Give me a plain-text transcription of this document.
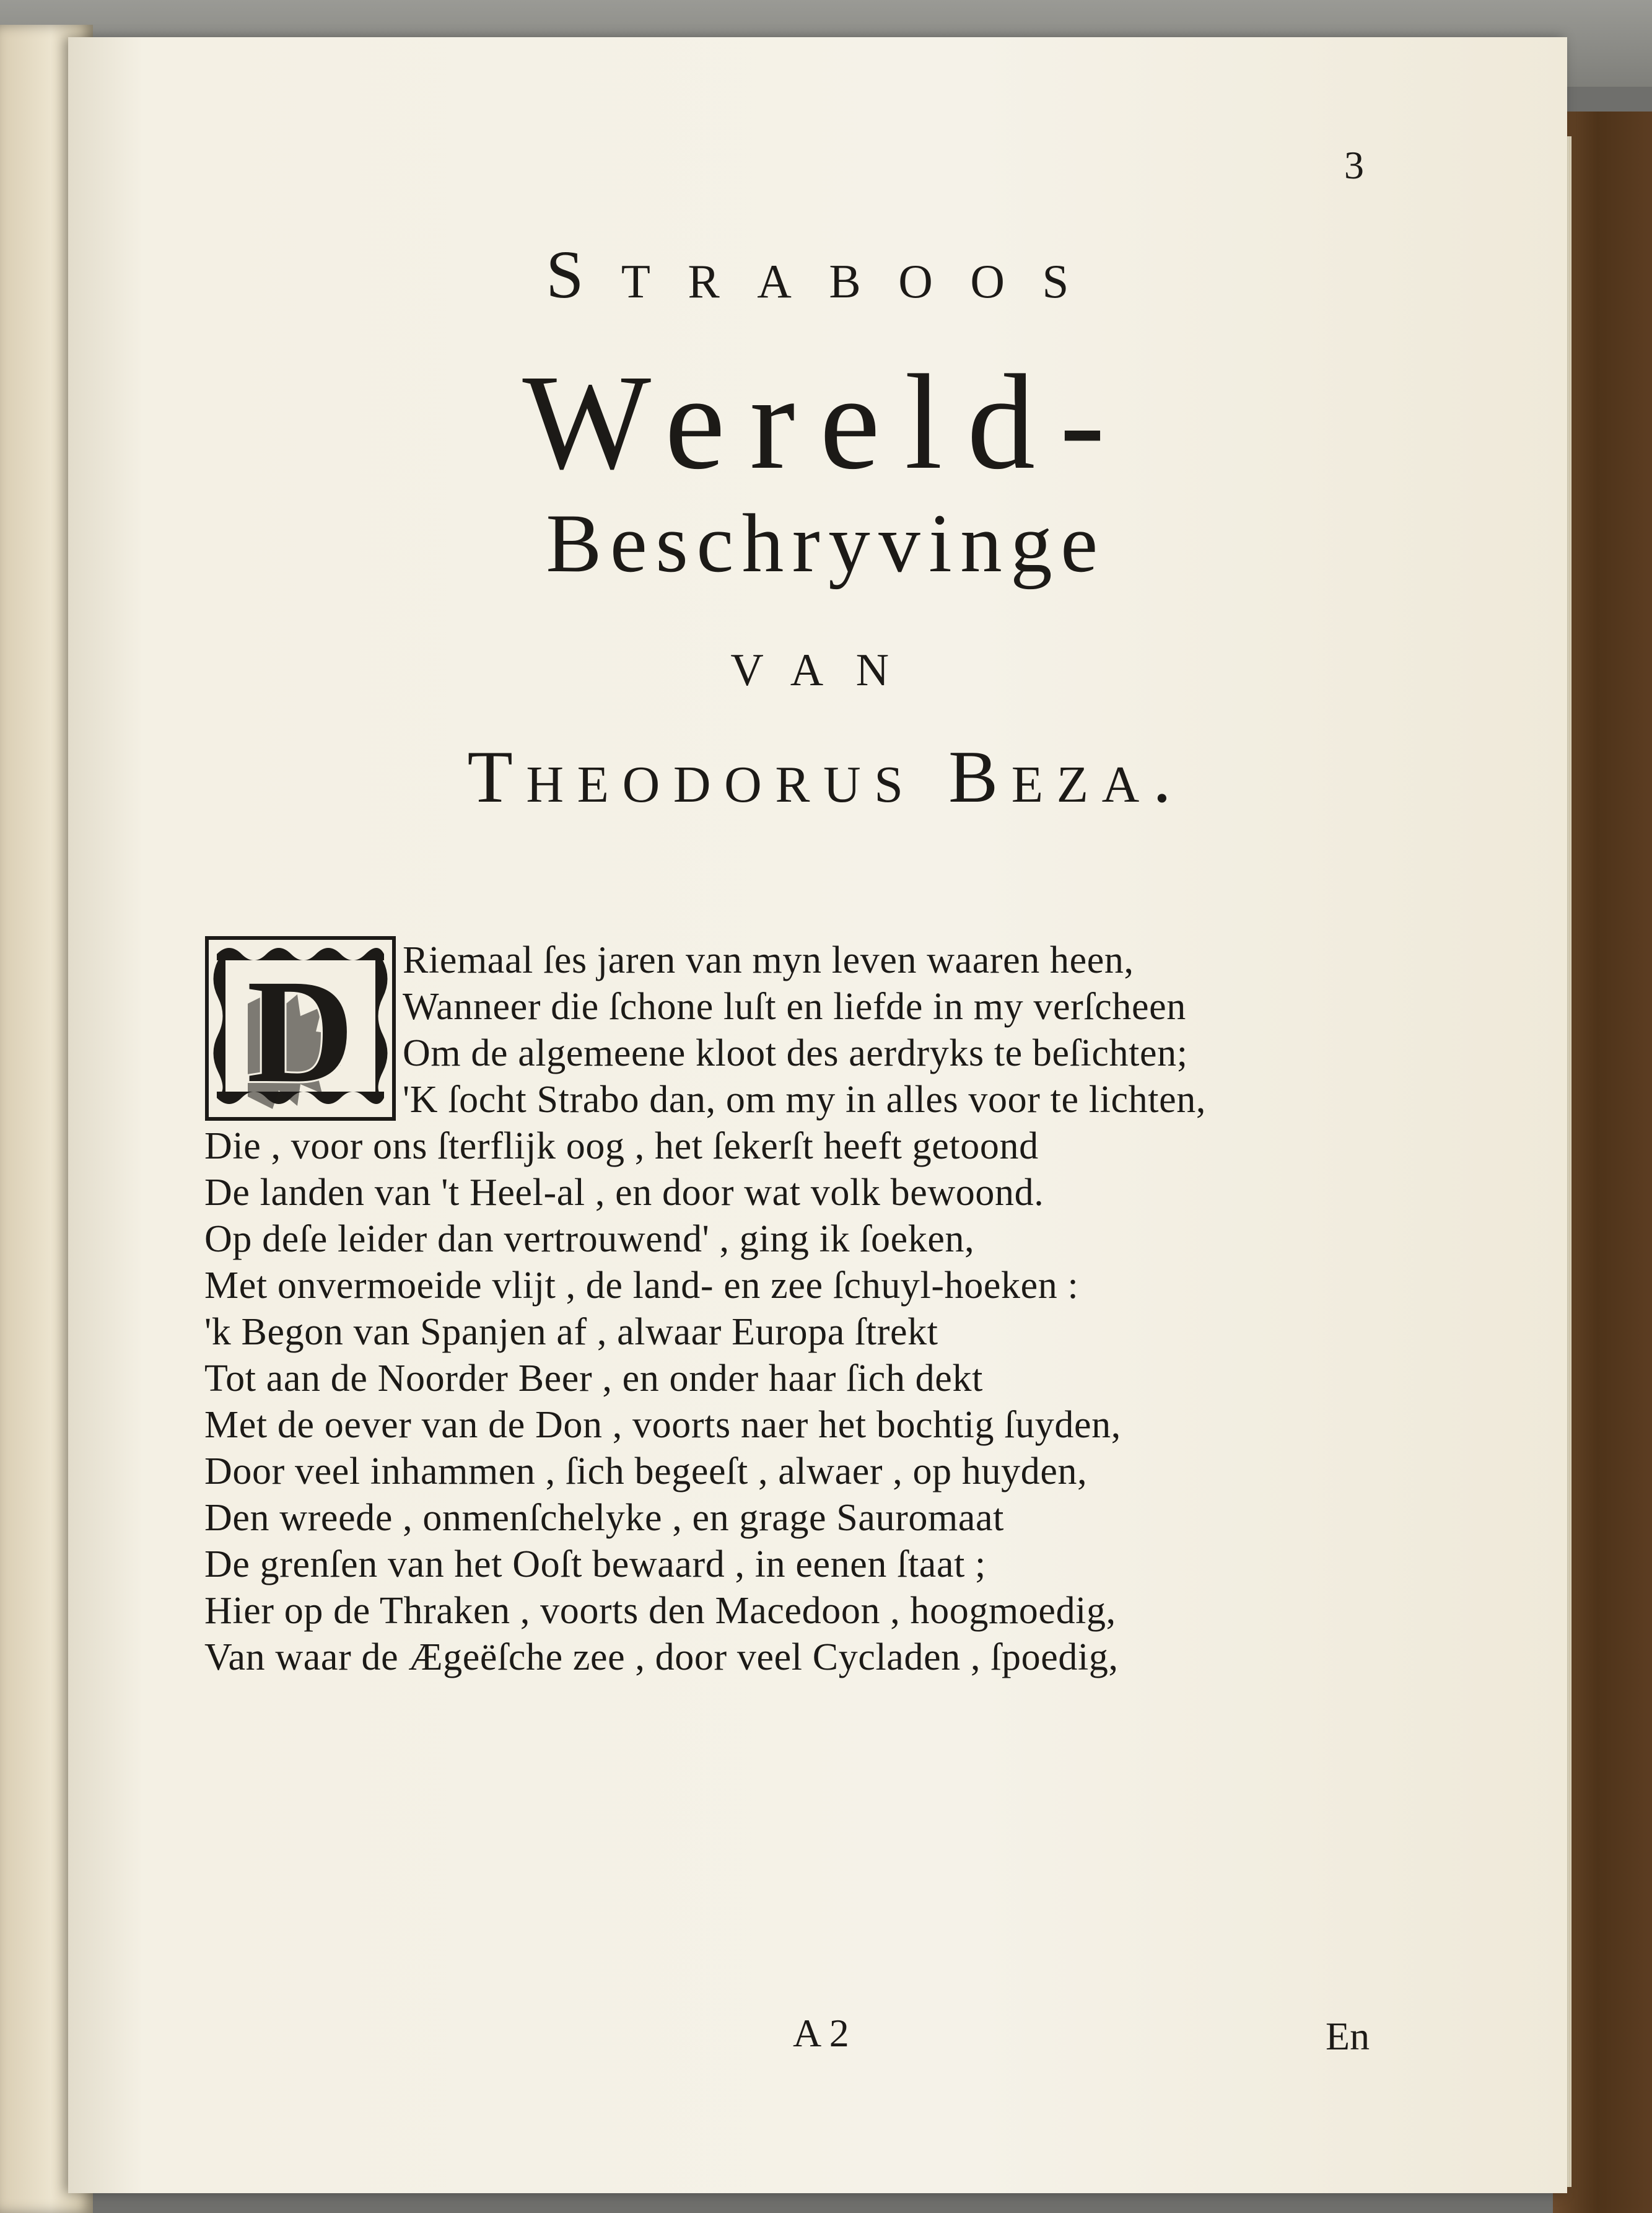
3

Straboos

Wereld-

Beschryvinge

van

Theodorus Beza.

D Riemaal ſes jaren van myn leven waaren heen,

Wanneer die ſchone luſt en liefde in my verſcheen

Om de algemeene kloot des aerdryks te beſichten;

'K ſocht Strabo dan, om my in alles voor te lichten,

Die , voor ons ſterflijk oog , het ſekerſt heeft getoond

De landen van 't Heel-al , en door wat volk bewoond.

Op deſe leider dan vertrouwend' , ging ik ſoeken,

Met onvermoeide vlijt , de land- en zee ſchuyl-hoeken :

'k Begon van Spanjen af , alwaar Europa ſtrekt

Tot aan de Noorder Beer , en onder haar ſich dekt

Met de oever van de Don , voorts naer het bochtig ſuyden,

Door veel inhammen , ſich begeeſt , alwaer , op huyden,

Den wreede , onmenſchelyke , en grage Sauromaat

De grenſen van het Ooſt bewaard , in eenen ſtaat ;

Hier op de Thraken , voorts den Macedoon , hoogmoedig,

Van waar de Ægeëſche zee , door veel Cycladen , ſpoedig,

A 2	En
